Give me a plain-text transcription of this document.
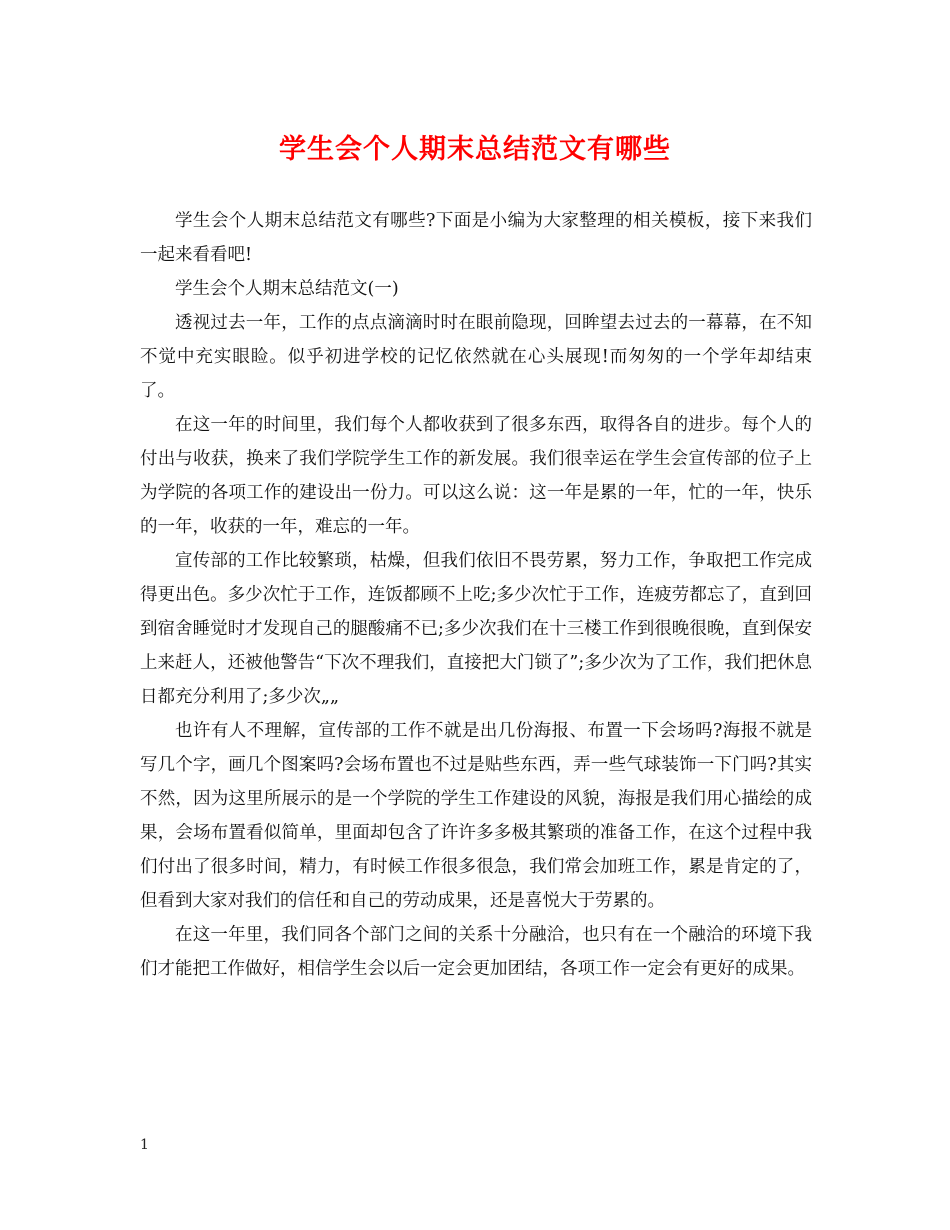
学生会个人期末总结范文有哪些

学生会个人期末总结范文有哪些?下面是小编为大家整理的相关模板，接下来我们一起来看看吧!

学生会个人期末总结范文(一)

透视过去一年，工作的点点滴滴时时在眼前隐现，回眸望去过去的一幕幕，在不知不觉中充实眼睑。似乎初进学校的记忆依然就在心头展现!而匆匆的一个学年却结束了。

在这一年的时间里，我们每个人都收获到了很多东西，取得各自的进步。每个人的付出与收获，换来了我们学院学生工作的新发展。我们很幸运在学生会宣传部的位子上为学院的各项工作的建设出一份力。可以这么说：这一年是累的一年，忙的一年，快乐的一年，收获的一年，难忘的一年。

宣传部的工作比较繁琐，枯燥，但我们依旧不畏劳累，努力工作，争取把工作完成得更出色。多少次忙于工作，连饭都顾不上吃;多少次忙于工作，连疲劳都忘了，直到回到宿舍睡觉时才发现自己的腿酸痛不已;多少次我们在十三楼工作到很晚很晚，直到保安上来赶人，还被他警告“下次不理我们，直接把大门锁了”;多少次为了工作，我们把休息日都充分利用了;多少次„„

也许有人不理解，宣传部的工作不就是出几份海报、布置一下会场吗?海报不就是写几个字，画几个图案吗?会场布置也不过是贴些东西，弄一些气球装饰一下门吗?其实不然，因为这里所展示的是一个学院的学生工作建设的风貌，海报是我们用心描绘的成果，会场布置看似简单，里面却包含了许许多多极其繁琐的准备工作，在这个过程中我们付出了很多时间，精力，有时候工作很多很急，我们常会加班工作，累是肯定的了，但看到大家对我们的信任和自己的劳动成果，还是喜悦大于劳累的。

在这一年里，我们同各个部门之间的关系十分融洽，也只有在一个融洽的环境下我们才能把工作做好，相信学生会以后一定会更加团结，各项工作一定会有更好的成果。

1
